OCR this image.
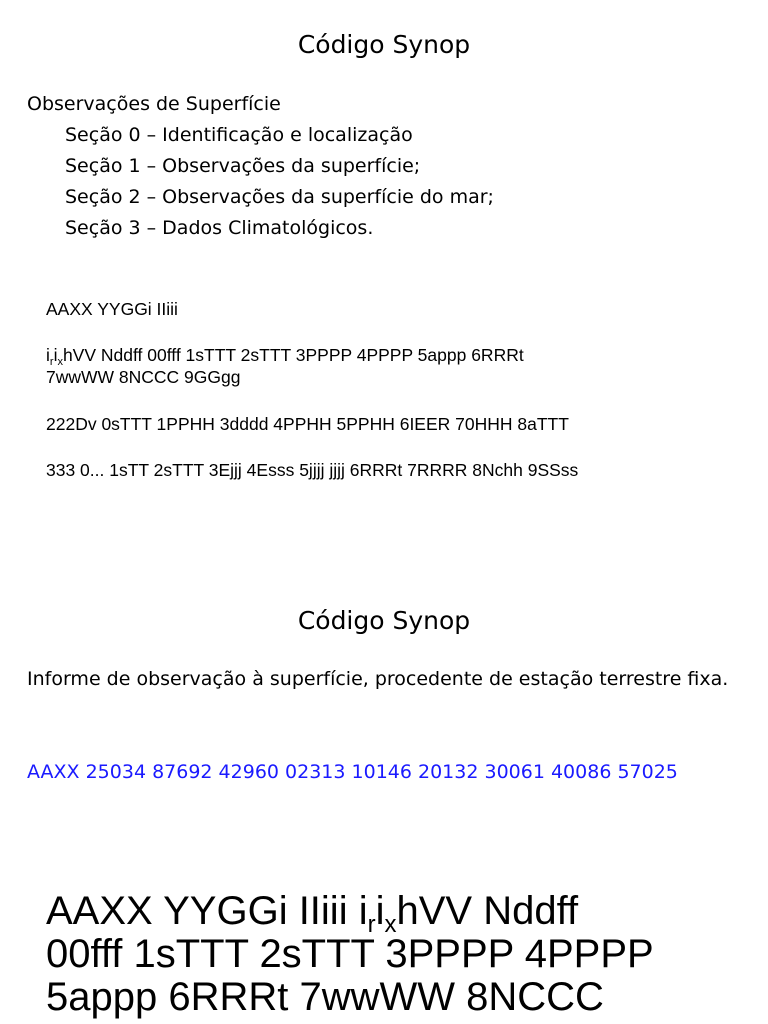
Código Synop
Observações de Superfície
Seção 0 – Identificação e localização
Seção 1 – Observações da superfície;
Seção 2 – Observações da superfície do mar;
Seção 3 – Dados Climatológicos.
AAXX YYGGi IIiii
$i_ri_xhVV$ Nddff 00fff 1sTTT 2sTTT 3PPPP 4PPPP 5appp 6RRRt
7wwWW 8NCCC 9GGgg
222Dv 0sTTT 1PPHH 3dddd 4PPHH 5PPHH 6IEER 70HHH 8aTTT
333 0... 1sTT 2sTTT 3Ejjj 4Esss 5jjjj jjjj 6RRRt 7RRRR 8Nchh 9SSss
Código Synop
Informe de observação à superfície, procedente de estação terrestre fixa.
AAXX 25034 87692 42960 02313 10146 20132 30061 40086 57025
AAXX YYGGi IIiii $i_ri_xhVV$ Nddff
00fff 1sTTT 2sTTT 3PPPP 4PPPP
5appp 6RRRt 7wwWW 8NCCC
